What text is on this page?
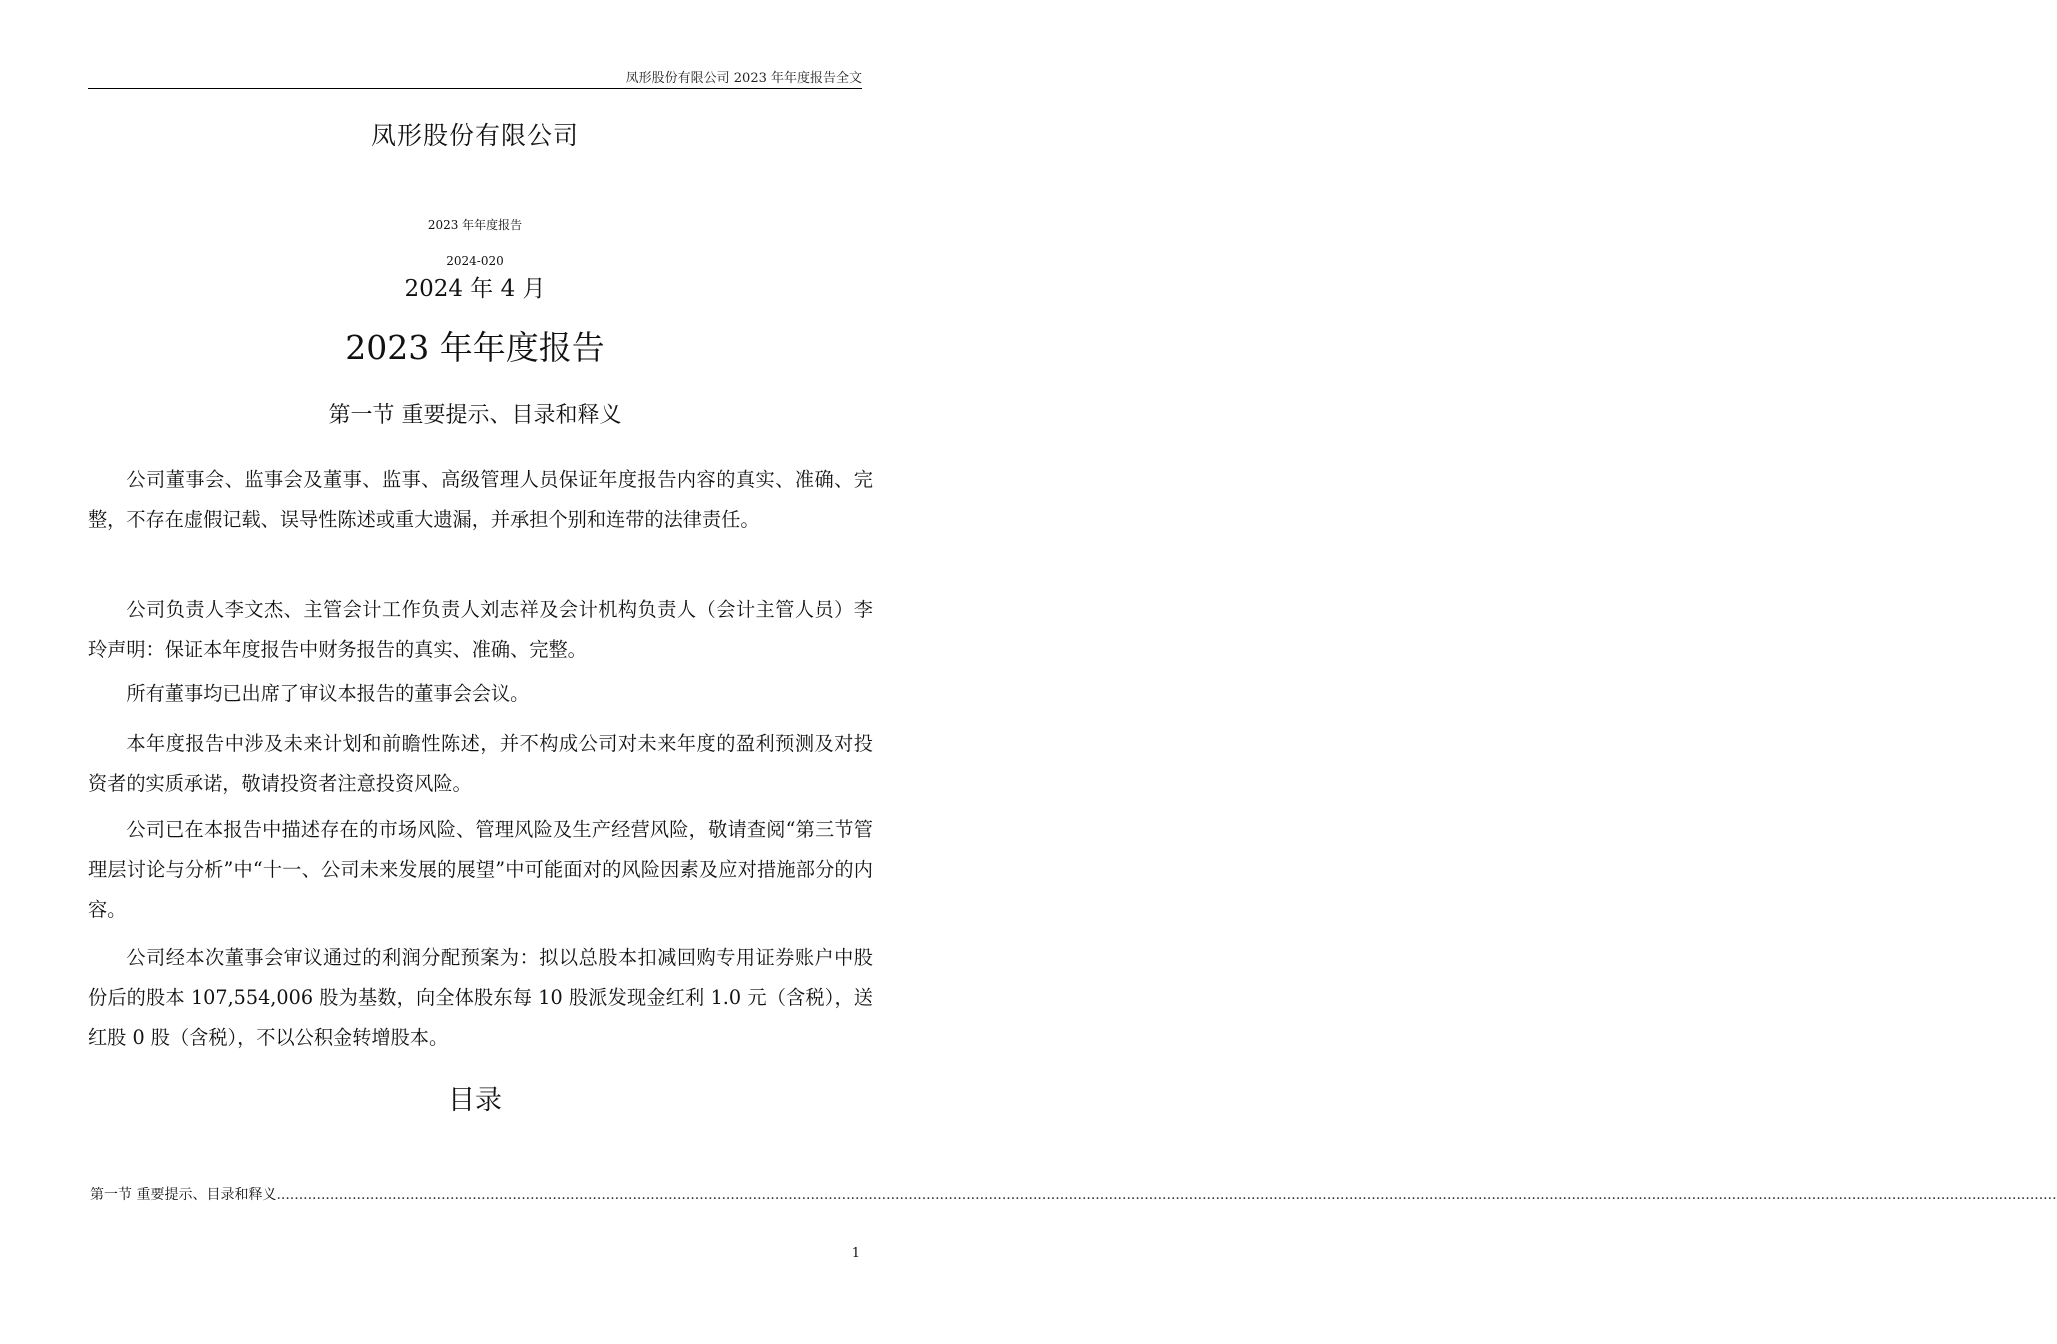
凤形股份有限公司 2023 年年度报告全文
凤形股份有限公司
2023 年年度报告
2024-020
2024 年 4 月
2023 年年度报告
第一节 重要提示、目录和释义

公司董事会、监事会及董事、监事、高级管理人员保证年度报告内容的真实、准确、完整，不存在虚假记载、误导性陈述或重大遗漏，并承担个别和连带的法律责任。

公司负责人李文杰、主管会计工作负责人刘志祥及会计机构负责人（会计主管人员）李玲声明：保证本年度报告中财务报告的真实、准确、完整。

所有董事均已出席了审议本报告的董事会会议。

本年度报告中涉及未来计划和前瞻性陈述，并不构成公司对未来年度的盈利预测及对投资者的实质承诺，敬请投资者注意投资风险。

公司已在本报告中描述存在的市场风险、管理风险及生产经营风险，敬请查阅“第三节管理层讨论与分析”中“十一、公司未来发展的展望”中可能面对的风险因素及应对措施部分的内容。

公司经本次董事会审议通过的利润分配预案为：拟以总股本扣减回购专用证券账户中股份后的股本 107,554,006 股为基数，向全体股东每 10 股派发现金红利 1.0 元（含税），送红股 0 股（含税），不以公积金转增股本。

目录
第一节 重要提示、目录和释义 ................................................................................................................................................................................................................................................................................................................................................................................................................
1
